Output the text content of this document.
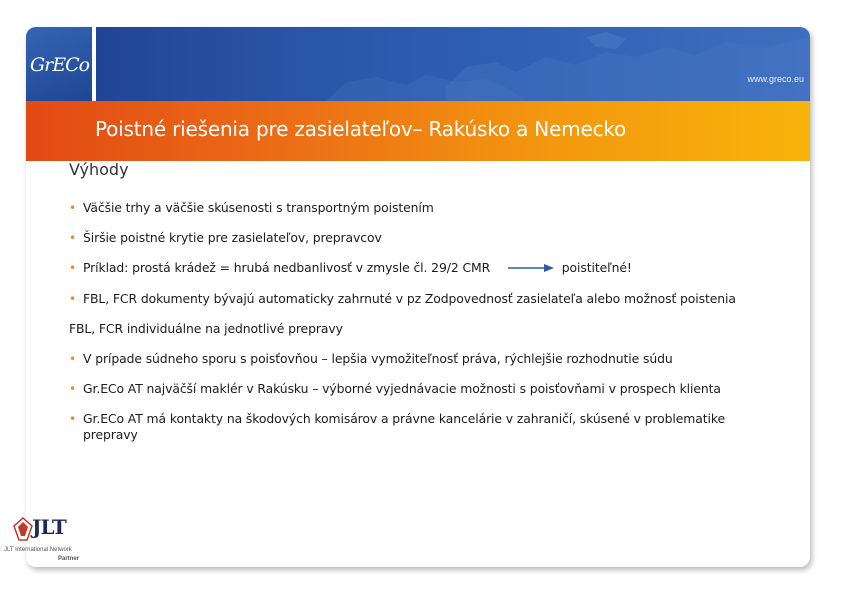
GrECo
www.greco.eu
Poistné riešenia pre zasielateľov– Rakúsko a Nemecko
Výhody
• Väčšie trhy a väčšie skúsenosti s transportným poistením
• Širšie poistné krytie pre zasielateľov, prepravcov
• Príklad: prostá krádež = hrubá nedbanlivosť v zmysle čl. 29/2 CMR	poistiteľné!
• FBL, FCR dokumenty bývajú automaticky zahrnuté v pz Zodpovednosť zasielateľa alebo možnosť poistenia
FBL, FCR individuálne na jednotlivé prepravy
• V prípade súdneho sporu s poisťovňou – lepšia vymožiteľnosť práva, rýchlejšie rozhodnutie súdu
• Gr.ECo AT najväčší maklér v Rakúsku – výborné vyjednávacie možnosti s poisťovňami v prospech klienta
• Gr.ECo AT má kontakty na škodových komisárov a právne kancelárie v zahraničí, skúsené v problematike prepravy
JLT
JLT International Network
Partner
